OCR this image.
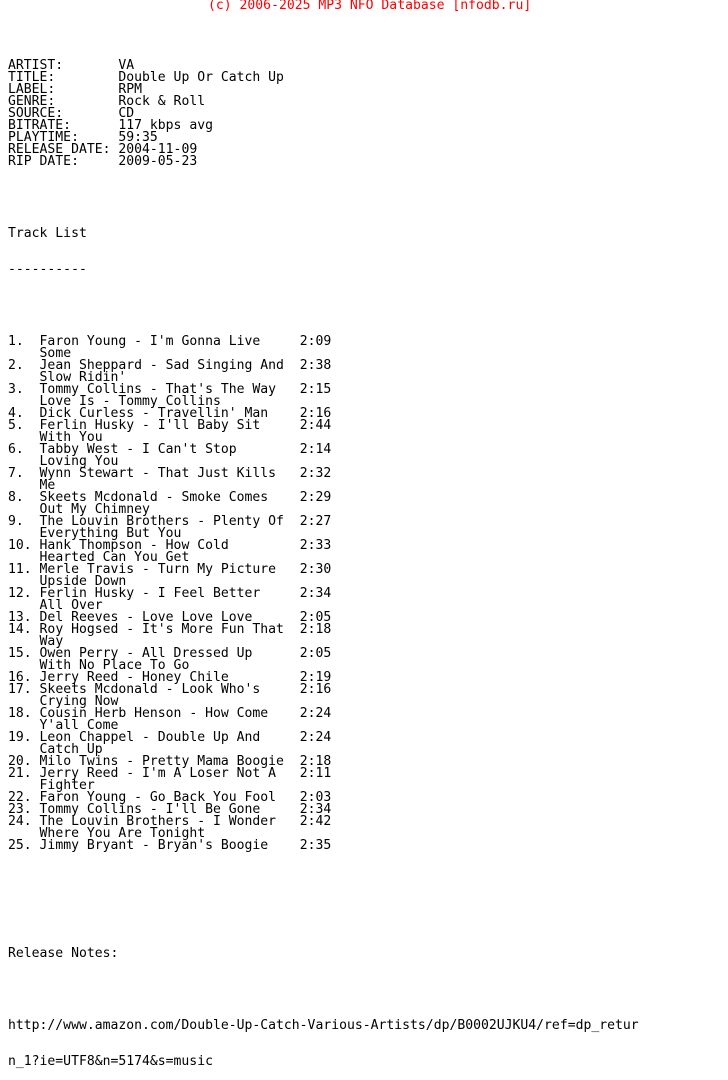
(c) 2006-2025 MP3 NFO Database [nfodb.ru]

ARTIST:       VA
TITLE:        Double Up Or Catch Up
LABEL:        RPM
GENRE:        Rock & Roll
SOURCE:       CD
BITRATE:      117 kbps avg
PLAYTIME:     59:35
RELEASE DATE: 2004-11-09
RIP DATE:     2009-05-23

Track List

----------

1.  Faron Young - I'm Gonna Live     2:09
Some
2.  Jean Sheppard - Sad Singing And  2:38
Slow Ridin'
3.  Tommy Collins - That's The Way   2:15
Love Is - Tommy Collins
4.  Dick Curless - Travellin' Man    2:16
5.  Ferlin Husky - I'll Baby Sit     2:44
With You
6.  Tabby West - I Can't Stop        2:14
Loving You
7.  Wynn Stewart - That Just Kills   2:32
Me
8.  Skeets Mcdonald - Smoke Comes    2:29
Out My Chimney
9.  The Louvin Brothers - Plenty Of  2:27
Everything But You
10. Hank Thompson - How Cold         2:33
Hearted Can You Get
11. Merle Travis - Turn My Picture   2:30
Upside Down
12. Ferlin Husky - I Feel Better     2:34
All Over
13. Del Reeves - Love Love Love      2:05
14. Roy Hogsed - It's More Fun That  2:18
Way
15. Owen Perry - All Dressed Up      2:05
With No Place To Go
16. Jerry Reed - Honey Chile         2:19
17. Skeets Mcdonald - Look Who's     2:16
Crying Now
18. Cousin Herb Henson - How Come    2:24
Y'all Come
19. Leon Chappel - Double Up And     2:24
Catch Up
20. Milo Twins - Pretty Mama Boogie  2:18
21. Jerry Reed - I'm A Loser Not A   2:11
Fighter
22. Faron Young - Go Back You Fool   2:03
23. Tommy Collins - I'll Be Gone     2:34
24. The Louvin Brothers - I Wonder   2:42
Where You Are Tonight
25. Jimmy Bryant - Bryan's Boogie    2:35

Release Notes:

http://www.amazon.com/Double-Up-Catch-Various-Artists/dp/B0002UJKU4/ref=dp_retur

n_1?ie=UTF8&n=5174&s=music
